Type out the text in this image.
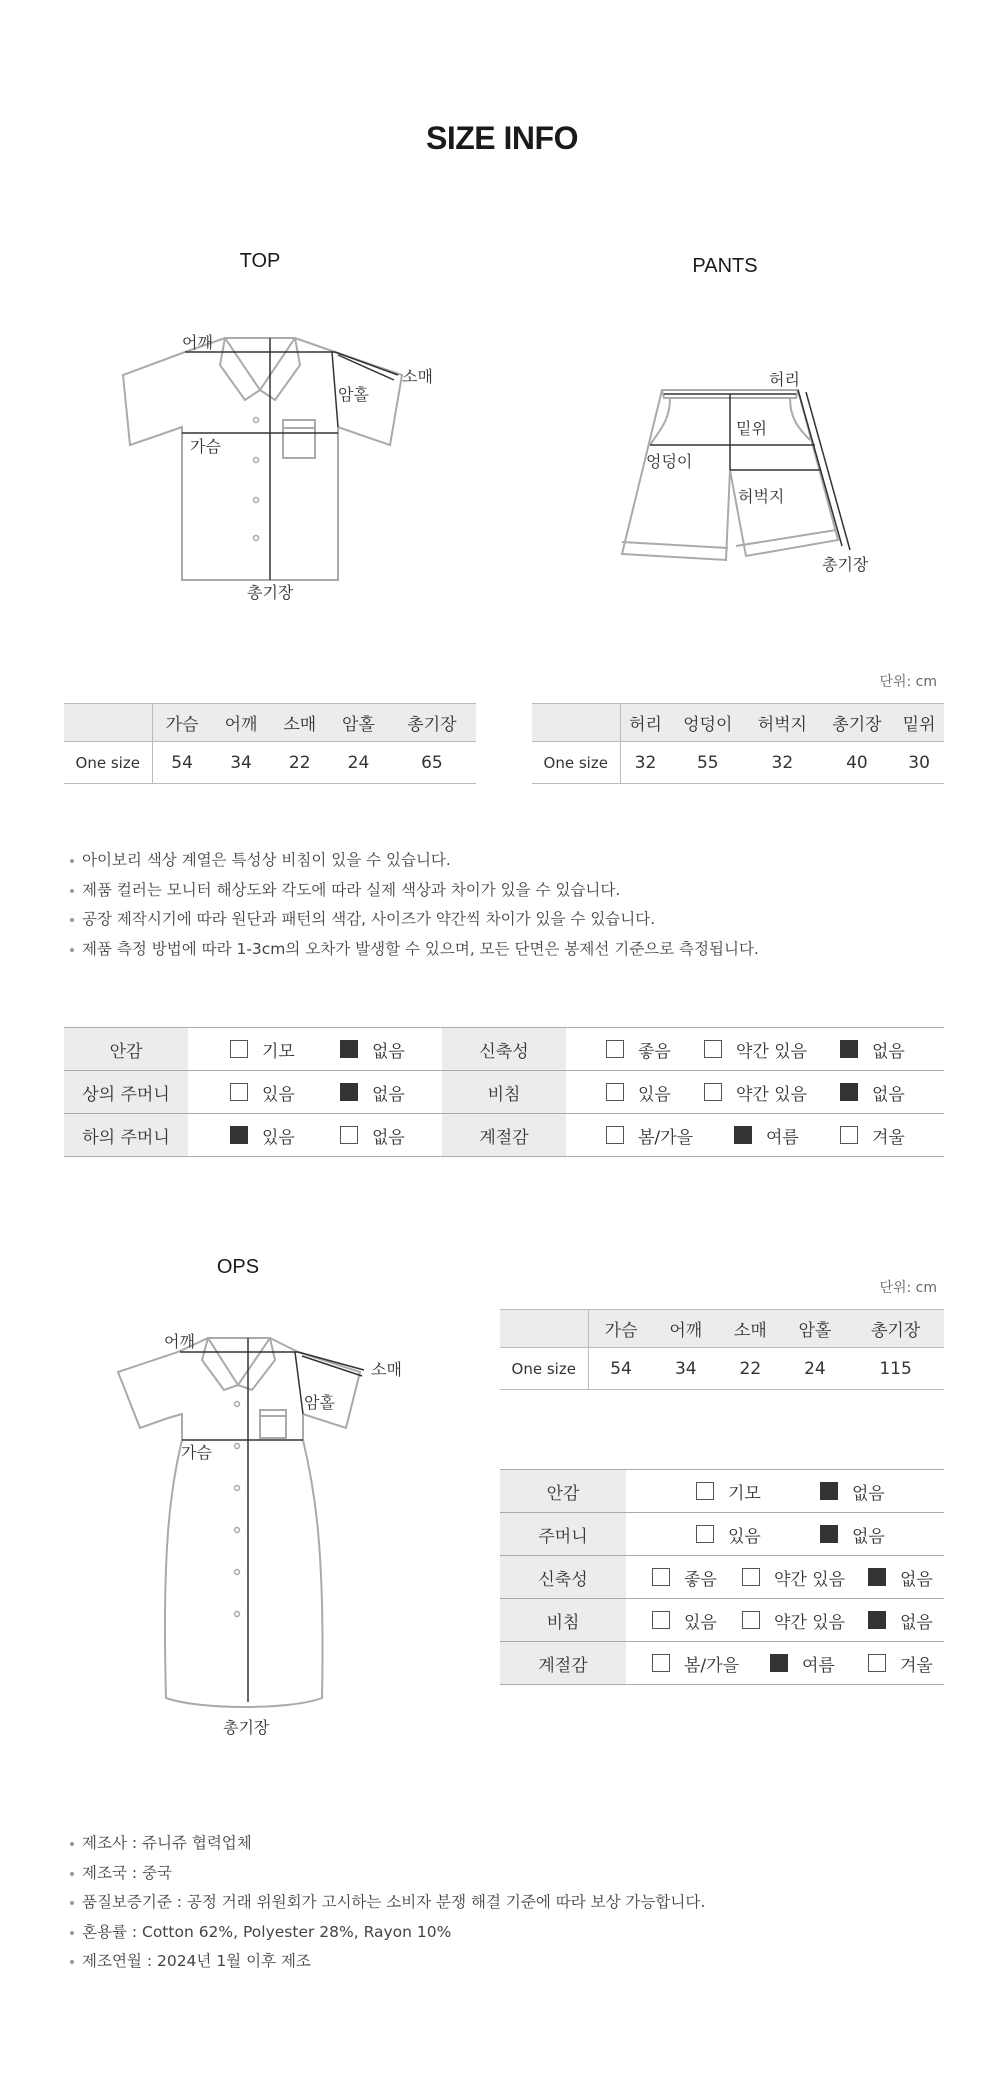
SIZE INFO
TOP
어깨
소매
암홀
가슴
총기장
PANTS
허리
밑위
엉덩이
허벅지
총기장
단위: cm
	가슴	어깨	소매	암홀	총기장
One size	54	34	22	24	65
	허리	엉덩이	허벅지	총기장	밑위
One size	32	55	32	40	30
아이보리 색상 계열은 특성상 비침이 있을 수 있습니다.
제품 컬러는 모니터 해상도와 각도에 따라 실제 색상과 차이가 있을 수 있습니다.
공장 제작시기에 따라 원단과 패턴의 색감, 사이즈가 약간씩 차이가 있을 수 있습니다.
제품 측정 방법에 따라 1-3cm의 오차가 발생할 수 있으며, 모든 단면은 봉제선 기준으로 측정됩니다.
안감	기모 없음	신축성	좋음 약간 있음 없음

상의 주머니	있음 없음	비침	있음 약간 있음 없음

하의 주머니	있음 없음	계절감	봄/가을 여름 겨울
OPS
단위: cm
어깨
소매
암홀
가슴
총기장
	가슴	어깨	소매	암홀	총기장
One size	54	34	22	24	115
안감	기모 없음

주머니	있음 없음

신축성	좋음 약간 있음 없음

비침	있음 약간 있음 없음

계절감	봄/가을 여름 겨울
제조사 : 쥬니쥬 협력업체
제조국 : 중국
품질보증기준 : 공정 거래 위원회가 고시하는 소비자 분쟁 해결 기준에 따라 보상 가능합니다.
혼용률 : Cotton 62%, Polyester 28%, Rayon 10%
제조연월 : 2024년 1월 이후 제조
